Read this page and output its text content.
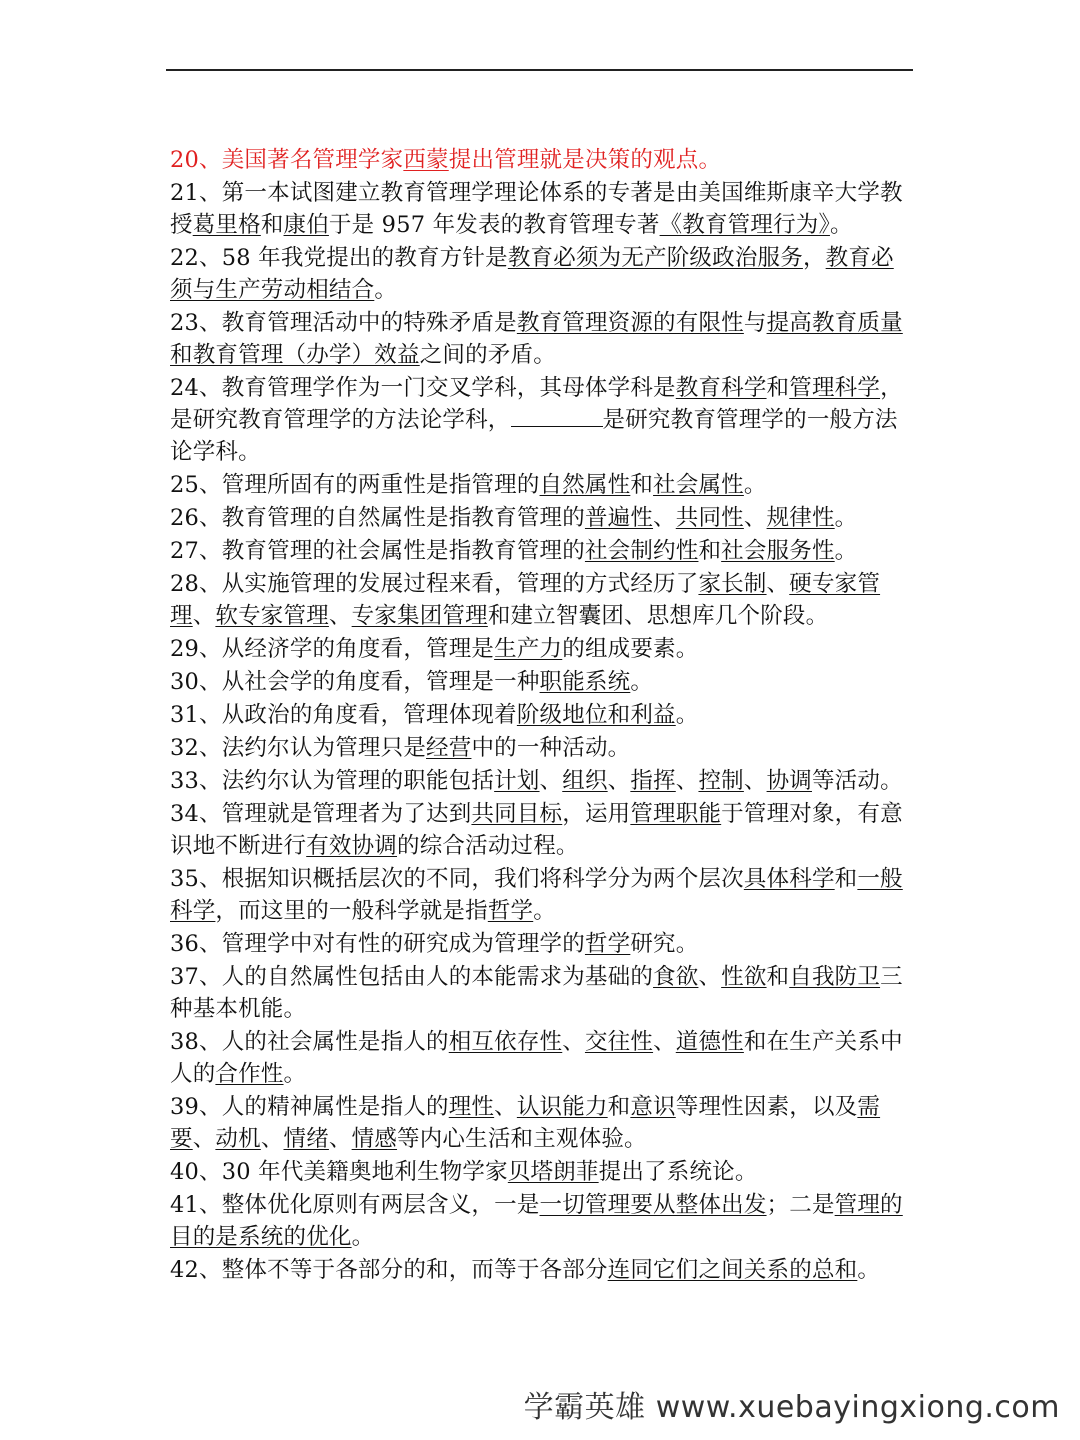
20、美国著名管理学家西蒙提出管理就是决策的观点。
21、第一本试图建立教育管理学理论体系的专著是由美国维斯康辛大学教授葛里格和康伯于是 957 年发表的教育管理专著《教育管理行为》。
22、58 年我党提出的教育方针是教育必须为无产阶级政治服务，教育必须与生产劳动相结合。
23、教育管理活动中的特殊矛盾是教育管理资源的有限性与提高教育质量和教育管理（办学）效益之间的矛盾。
24、教育管理学作为一门交叉学科，其母体学科是教育科学和管理科学，是研究教育管理学的方法论学科，	是研究教育管理学的一般方法论学科。
25、管理所固有的两重性是指管理的自然属性和社会属性。
26、教育管理的自然属性是指教育管理的普遍性、共同性、规律性。
27、教育管理的社会属性是指教育管理的社会制约性和社会服务性。
28、从实施管理的发展过程来看，管理的方式经历了家长制、硬专家管理、软专家管理、专家集团管理和建立智囊团、思想库几个阶段。
29、从经济学的角度看，管理是生产力的组成要素。
30、从社会学的角度看，管理是一种职能系统。
31、从政治的角度看，管理体现着阶级地位和利益。
32、法约尔认为管理只是经营中的一种活动。
33、法约尔认为管理的职能包括计划、组织、指挥、控制、协调等活动。
34、管理就是管理者为了达到共同目标，运用管理职能于管理对象，有意识地不断进行有效协调的综合活动过程。
35、根据知识概括层次的不同，我们将科学分为两个层次具体科学和一般科学，而这里的一般科学就是指哲学。
36、管理学中对有性的研究成为管理学的哲学研究。
37、人的自然属性包括由人的本能需求为基础的食欲、性欲和自我防卫三种基本机能。
38、人的社会属性是指人的相互依存性、交往性、道德性和在生产关系中人的合作性。
39、人的精神属性是指人的理性、认识能力和意识等理性因素，以及需要、动机、情绪、情感等内心生活和主观体验。
40、30 年代美籍奥地利生物学家贝塔朗菲提出了系统论。
41、整体优化原则有两层含义，一是一切管理要从整体出发；二是管理的目的是系统的优化。
42、整体不等于各部分的和，而等于各部分连同它们之间关系的总和。
学霸英雄 www.xuebayingxiong.com
